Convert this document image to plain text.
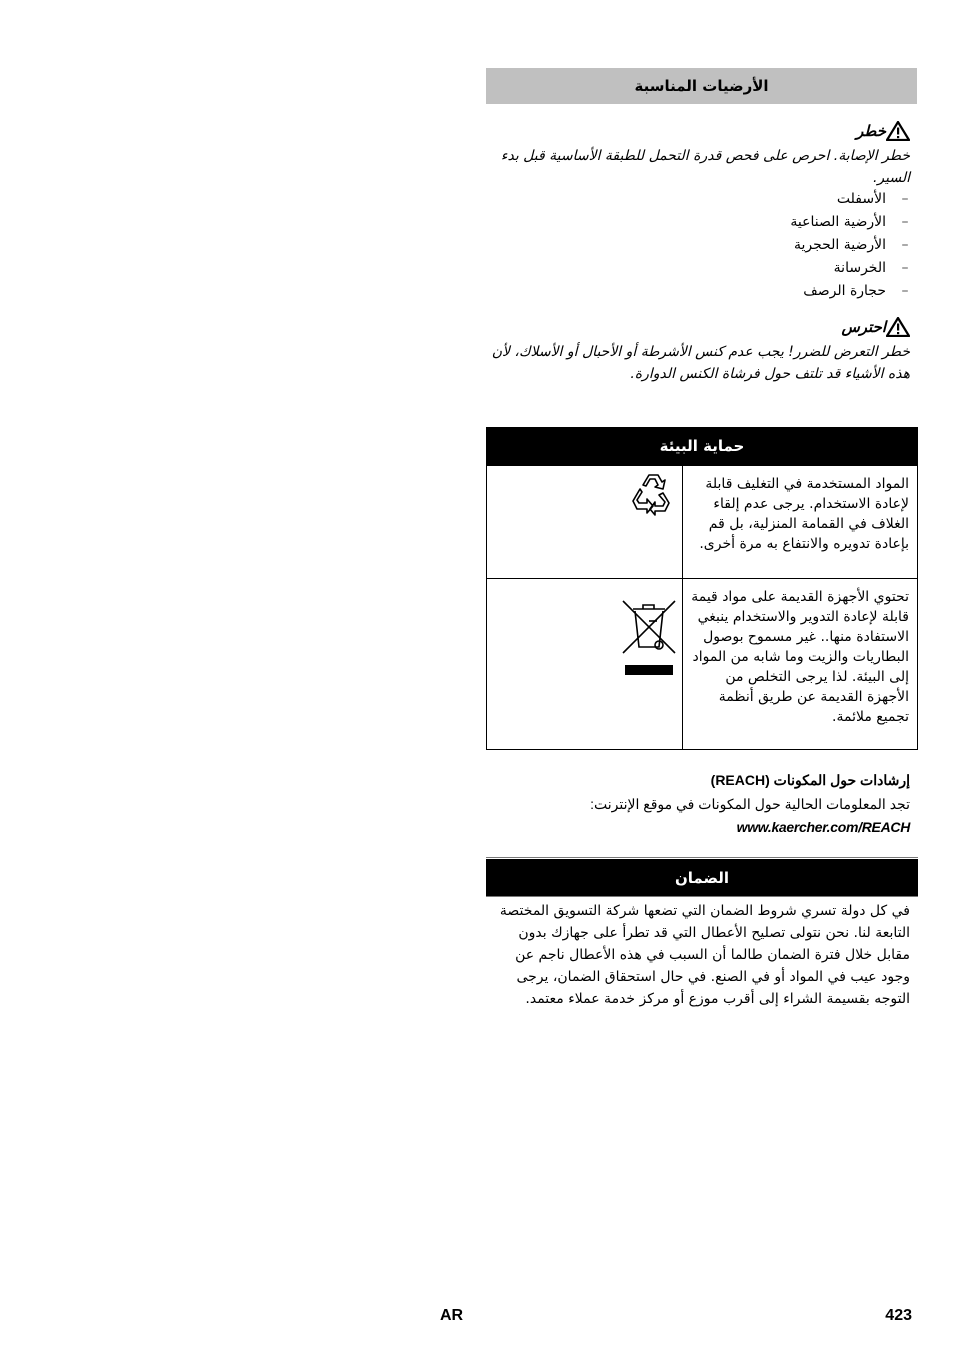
الأرضيات المناسبة
خطر
خطر الإصابة. احرص على فحص قدرة التحمل للطبقة الأساسية قبل بدء السير.
–
الأسفلت
–
الأرضية الصناعية
–
الأرضية الحجرية
–
الخرسانة
–
حجارة الرصف
احترس
خطر التعرض للضرر! يجب عدم كنس الأشرطة أو الأحبال أو الأسلاك، لأن هذه الأشياء قد تلتف حول فرشاة الكنس الدوارة.
حماية البيئة
المواد المستخدمة في التغليف قابلة لإعادة الاستخدام. يرجى عدم إلقاء الغلاف في القمامة المنزلية، بل قم بإعادة تدويره والانتفاع به مرة أخرى.	

تحتوي الأجهزة القديمة على مواد قيمة قابلة لإعادة التدوير والاستخدام ينبغي الاستفادة منها.. غير مسموح بوصول البطاريات والزيت وما شابه من المواد إلى البيئة. لذا يرجى التخلص من الأجهزة القديمة عن طريق أنظمة تجميع ملائمة.	
إرشادات حول المكونات (REACH)
تجد المعلومات الحالية حول المكونات في موقع الإنترنت:
www.kaercher.com/REACH
الضمان
في كل دولة تسري شروط الضمان التي تضعها شركة التسويق المختصة التابعة لنا. نحن نتولى تصليح الأعطال التي قد تطرأ على جهازك بدون مقابل خلال فترة الضمان طالما أن السبب في هذه الأعطال ناجم عن وجود عيب في المواد أو في الصنع. في حال استحقاق الضمان، يرجى التوجه بقسيمة الشراء إلى أقرب موزع أو مركز خدمة عملاء معتمد.
AR	423
